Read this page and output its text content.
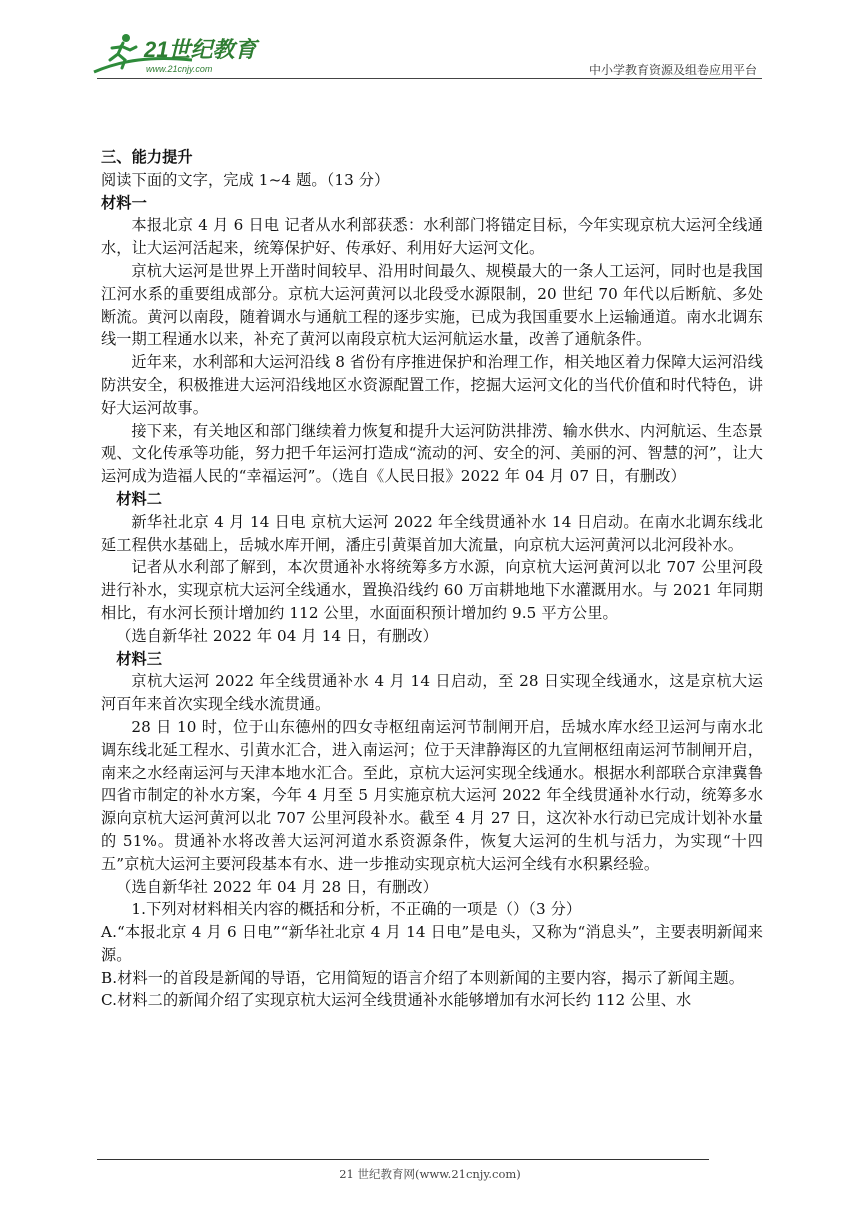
21世纪教育
www.21cnjy.com	中小学教育资源及组卷应用平台

三、能力提升

阅读下面的文字，完成 1~4 题。（13 分）

材料一

本报北京 4 月 6 日电 记者从水利部获悉：水利部门将锚定目标，今年实现京杭大运河全线通水，让大运河活起来，统筹保护好、传承好、利用好大运河文化。

京杭大运河是世界上开凿时间较早、沿用时间最久、规模最大的一条人工运河，同时也是我国江河水系的重要组成部分。京杭大运河黄河以北段受水源限制，20 世纪 70 年代以后断航、多处断流。黄河以南段，随着调水与通航工程的逐步实施，已成为我国重要水上运输通道。南水北调东线一期工程通水以来，补充了黄河以南段京杭大运河航运水量，改善了通航条件。

近年来，水利部和大运河沿线 8 省份有序推进保护和治理工作，相关地区着力保障大运河沿线防洪安全，积极推进大运河沿线地区水资源配置工作，挖掘大运河文化的当代价值和时代特色，讲好大运河故事。

接下来，有关地区和部门继续着力恢复和提升大运河防洪排涝、输水供水、内河航运、生态景观、文化传承等功能，努力把千年运河打造成“流动的河、安全的河、美丽的河、智慧的河”，让大运河成为造福人民的“幸福运河”。（选自《人民日报》2022 年 04 月 07 日，有删改）

材料二

新华社北京 4 月 14 日电 京杭大运河 2022 年全线贯通补水 14 日启动。在南水北调东线北延工程供水基础上，岳城水库开闸，潘庄引黄渠首加大流量，向京杭大运河黄河以北河段补水。

记者从水利部了解到，本次贯通补水将统筹多方水源，向京杭大运河黄河以北 707 公里河段进行补水，实现京杭大运河全线通水，置换沿线约 60 万亩耕地地下水灌溉用水。与 2021 年同期相比，有水河长预计增加约 112 公里，水面面积预计增加约 9.5 平方公里。

（选自新华社 2022 年 04 月 14 日，有删改）

材料三

京杭大运河 2022 年全线贯通补水 4 月 14 日启动，至 28 日实现全线通水，这是京杭大运河百年来首次实现全线水流贯通。

28 日 10 时，位于山东德州的四女寺枢纽南运河节制闸开启，岳城水库水经卫运河与南水北调东线北延工程水、引黄水汇合，进入南运河；位于天津静海区的九宣闸枢纽南运河节制闸开启，南来之水经南运河与天津本地水汇合。至此，京杭大运河实现全线通水。根据水利部联合京津冀鲁四省市制定的补水方案，今年 4 月至 5 月实施京杭大运河 2022 年全线贯通补水行动，统筹多水源向京杭大运河黄河以北 707 公里河段补水。截至 4 月 27 日，这次补水行动已完成计划补水量的 51%。贯通补水将改善大运河河道水系资源条件，恢复大运河的生机与活力，为实现“十四五”京杭大运河主要河段基本有水、进一步推动实现京杭大运河全线有水积累经验。

（选自新华社 2022 年 04 月 28 日，有删改）

1.下列对材料相关内容的概括和分析，不正确的一项是（）（3 分）

A.“本报北京 4 月 6 日电”“新华社北京 4 月 14 日电”是电头，又称为“消息头”，主要表明新闻来源。

B.材料一的首段是新闻的导语，它用简短的语言介绍了本则新闻的主要内容，揭示了新闻主题。

C.材料二的新闻介绍了实现京杭大运河全线贯通补水能够增加有水河长约 112 公里、水

21 世纪教育网(www.21cnjy.com)
